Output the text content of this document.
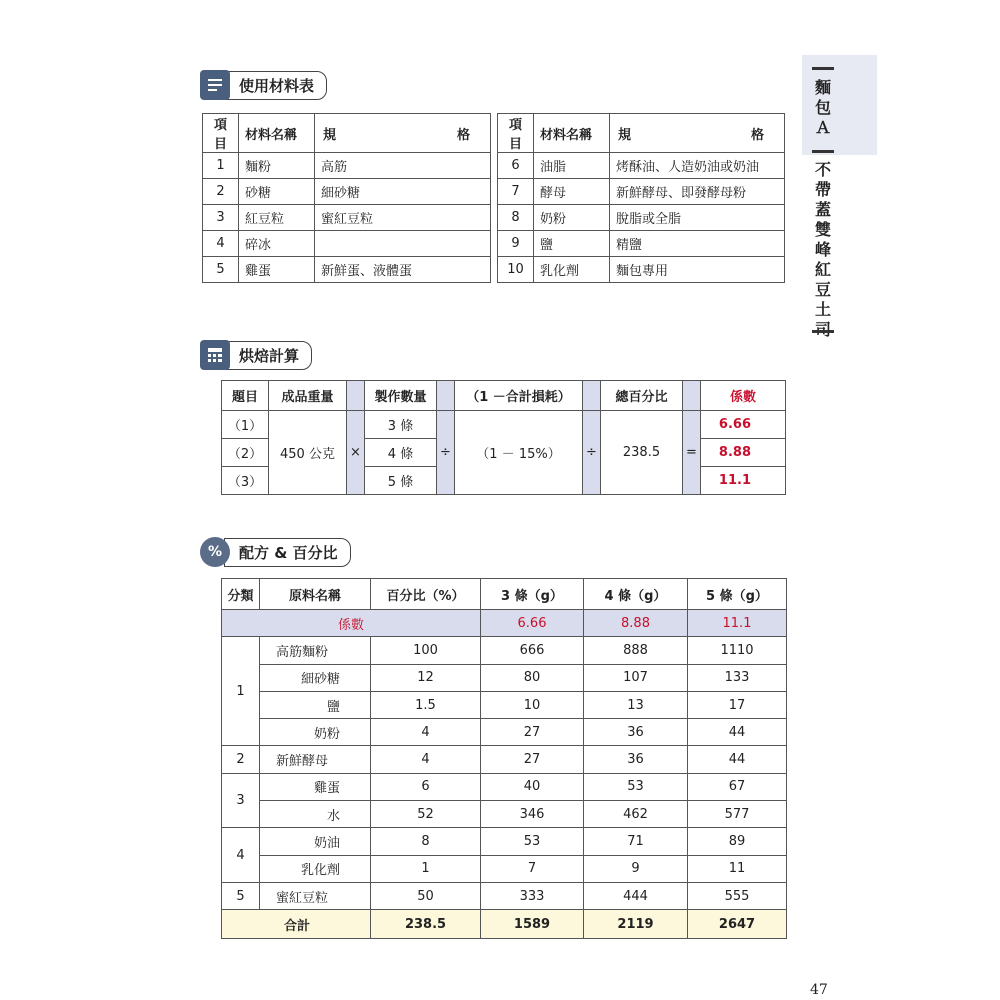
使用材料表
項目	材料名稱	規 格

1	麵粉	高筋
2	砂糖	細砂糖
3	紅豆粒	蜜紅豆粒
4	碎冰	
5	雞蛋	新鮮蛋、液體蛋
項目	材料名稱	規 格

6	油脂	烤酥油、人造奶油或奶油
7	酵母	新鮮酵母、即發酵母粉
8	奶粉	脫脂或全脂
9	鹽	精鹽
10	乳化劑	麵包專用
烘焙計算
題目	成品重量		製作數量		（1 －合計損耗）		總百分比		係數
（1）	450 公克	×	3 條	÷	（1 － 15%）	÷	238.5	=	6.66
（2）			4 條						8.88
（3）			5 條						11.1
%	配方 & 百分比
分類	原料名稱	百分比（%）	3 條（g）	4 條（g）	5 條（g）
係數			6.66	8.88	11.1
1	高筋麵粉	100	666	888	1110
	細砂糖	12	80	107	133
	鹽	1.5	10	13	17
	奶粉	4	27	36	44
2	新鮮酵母	4	27	36	44
3	雞蛋	6	40	53	67
	水	52	346	462	577
4	奶油	8	53	71	89
	乳化劑	1	7	9	11
5	蜜紅豆粒	50	333	444	555
合計		238.5	1589	2119	2647
麵
包
Ａ
不
帶
蓋
雙
峰
紅
豆
土
47
